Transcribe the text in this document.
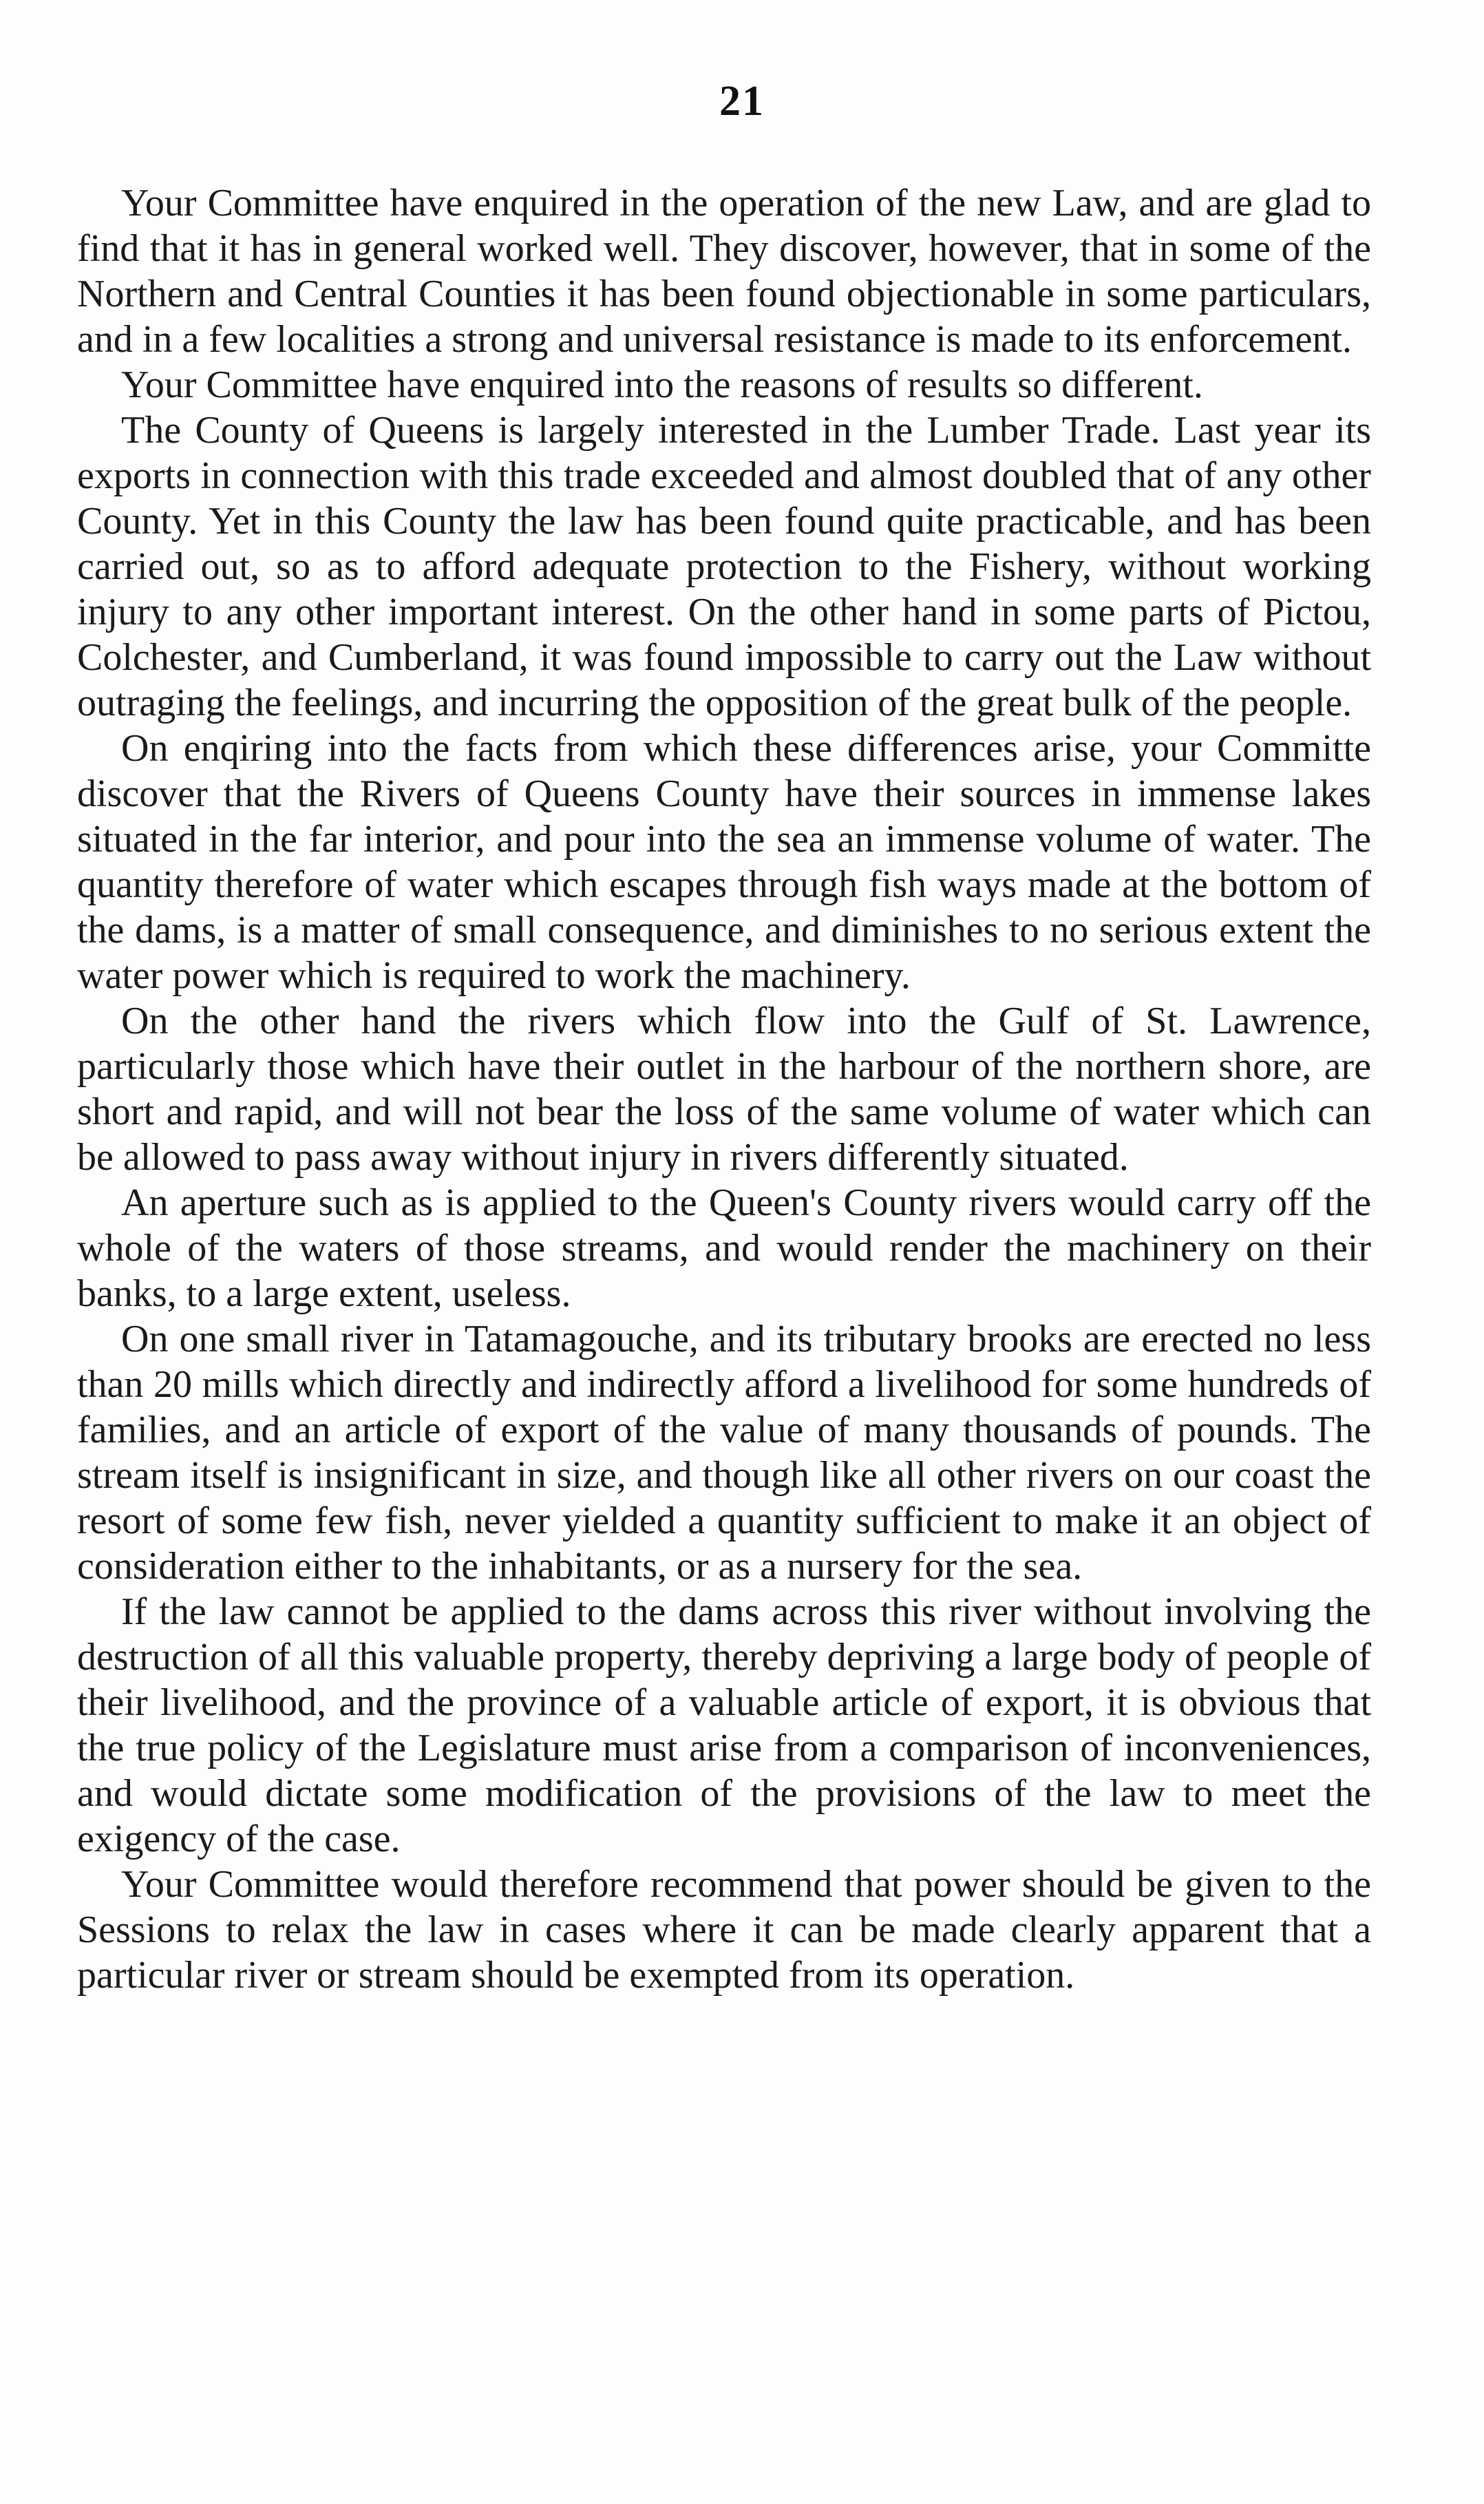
21

Your Committee have enquired in the operation of the new Law, and are glad to find that it has in general worked well. They discover, however, that in some of the Northern and Central Counties it has been found objectionable in some particulars, and in a few localities a strong and universal resistance is made to its enforcement.

Your Committee have enquired into the reasons of results so different.

The County of Queens is largely interested in the Lumber Trade. Last year its exports in connection with this trade exceeded and almost doubled that of any other County. Yet in this County the law has been found quite practicable, and has been carried out, so as to afford adequate protection to the Fishery, without working injury to any other important interest. On the other hand in some parts of Pictou, Colchester, and Cumberland, it was found impossible to carry out the Law without outraging the feelings, and incurring the opposition of the great bulk of the people.

On enqiring into the facts from which these differences arise, your Committe discover that the Rivers of Queens County have their sources in immense lakes situated in the far interior, and pour into the sea an immense volume of water. The quantity therefore of water which escapes through fish ways made at the bottom of the dams, is a matter of small consequence, and diminishes to no serious extent the water power which is required to work the machinery.

On the other hand the rivers which flow into the Gulf of St. Lawrence, particularly those which have their outlet in the harbour of the northern shore, are short and rapid, and will not bear the loss of the same volume of water which can be allowed to pass away without injury in rivers differently situated.

An aperture such as is applied to the Queen's County rivers would carry off the whole of the waters of those streams, and would render the machinery on their banks, to a large extent, useless.

On one small river in Tatamagouche, and its tributary brooks are erected no less than 20 mills which directly and indirectly afford a livelihood for some hundreds of families, and an article of export of the value of many thousands of pounds. The stream itself is insignificant in size, and though like all other rivers on our coast the resort of some few fish, never yielded a quantity sufficient to make it an object of consideration either to the inhabitants, or as a nursery for the sea.

If the law cannot be applied to the dams across this river without involving the destruction of all this valuable property, thereby depriving a large body of people of their livelihood, and the province of a valuable article of export, it is obvious that the true policy of the Legislature must arise from a comparison of inconveniences, and would dictate some modification of the provisions of the law to meet the exigency of the case.

Your Committee would therefore recommend that power should be given to the Sessions to relax the law in cases where it can be made clearly apparent that a particular river or stream should be exempted from its operation.
